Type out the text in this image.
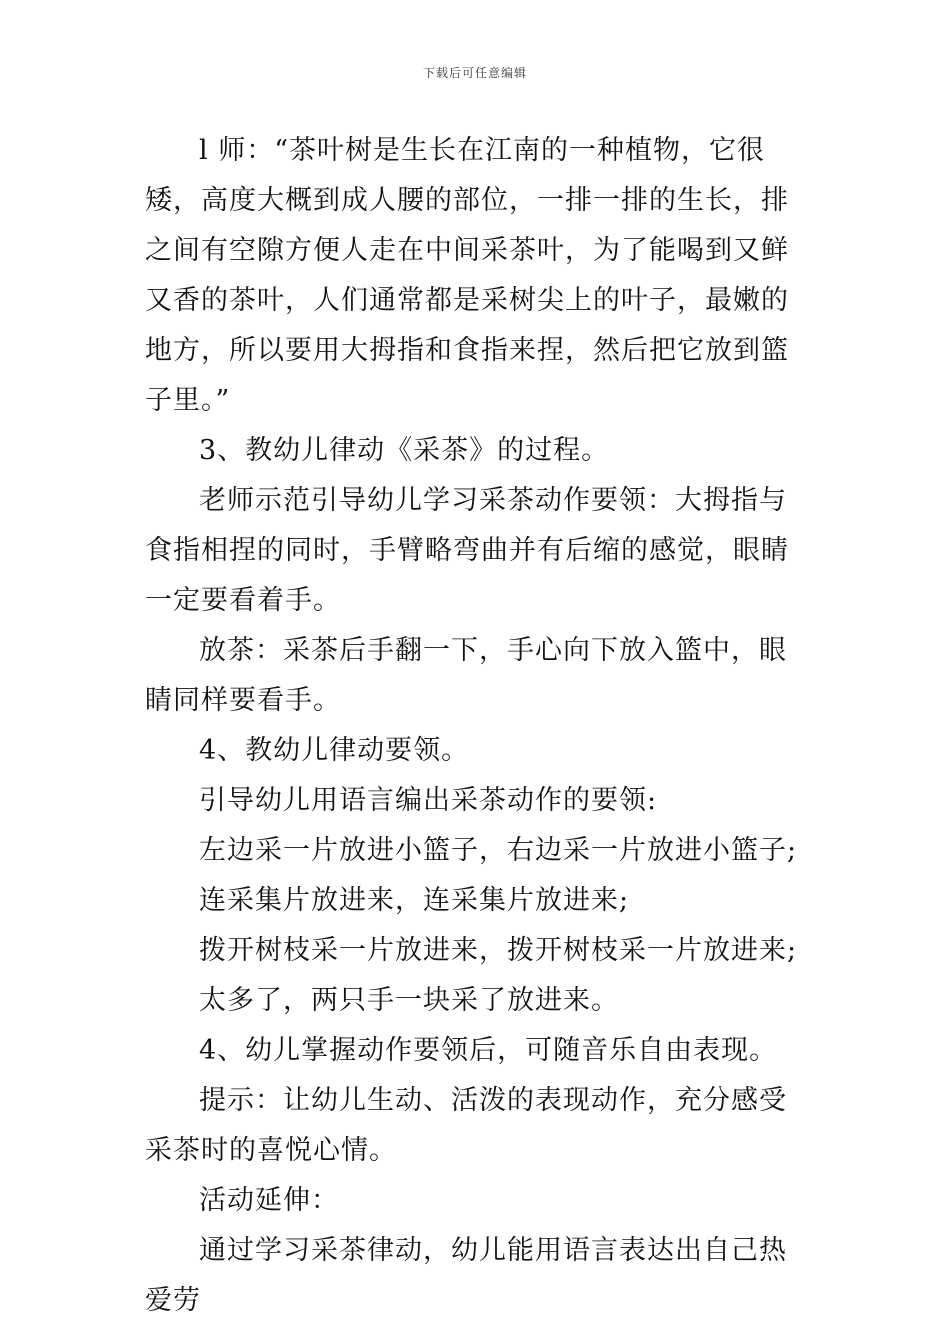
下载后可任意编辑

l 师：“茶叶树是生长在江南的一种植物，它很矮，高度大概到成人腰的部位，一排一排的生长，排之间有空隙方便人走在中间采茶叶，为了能喝到又鲜又香的茶叶，人们通常都是采树尖上的叶子，最嫩的地方，所以要用大拇指和食指来捏，然后把它放到篮子里。”

3、教幼儿律动《采茶》的过程。

老师示范引导幼儿学习采茶动作要领：大拇指与食指相捏的同时，手臂略弯曲并有后缩的感觉，眼睛一定要看着手。

放茶：采茶后手翻一下，手心向下放入篮中，眼睛同样要看手。

4、教幼儿律动要领。

引导幼儿用语言编出采茶动作的要领:

左边采一片放进小篮子，右边采一片放进小篮子;

连采集片放进来，连采集片放进来;

拨开树枝采一片放进来，拨开树枝采一片放进来;

太多了，两只手一块采了放进来。

4、幼儿掌握动作要领后，可随音乐自由表现。

提示：让幼儿生动、活泼的表现动作，充分感受采茶时的喜悦心情。

活动延伸：

通过学习采茶律动，幼儿能用语言表达出自己热爱劳
